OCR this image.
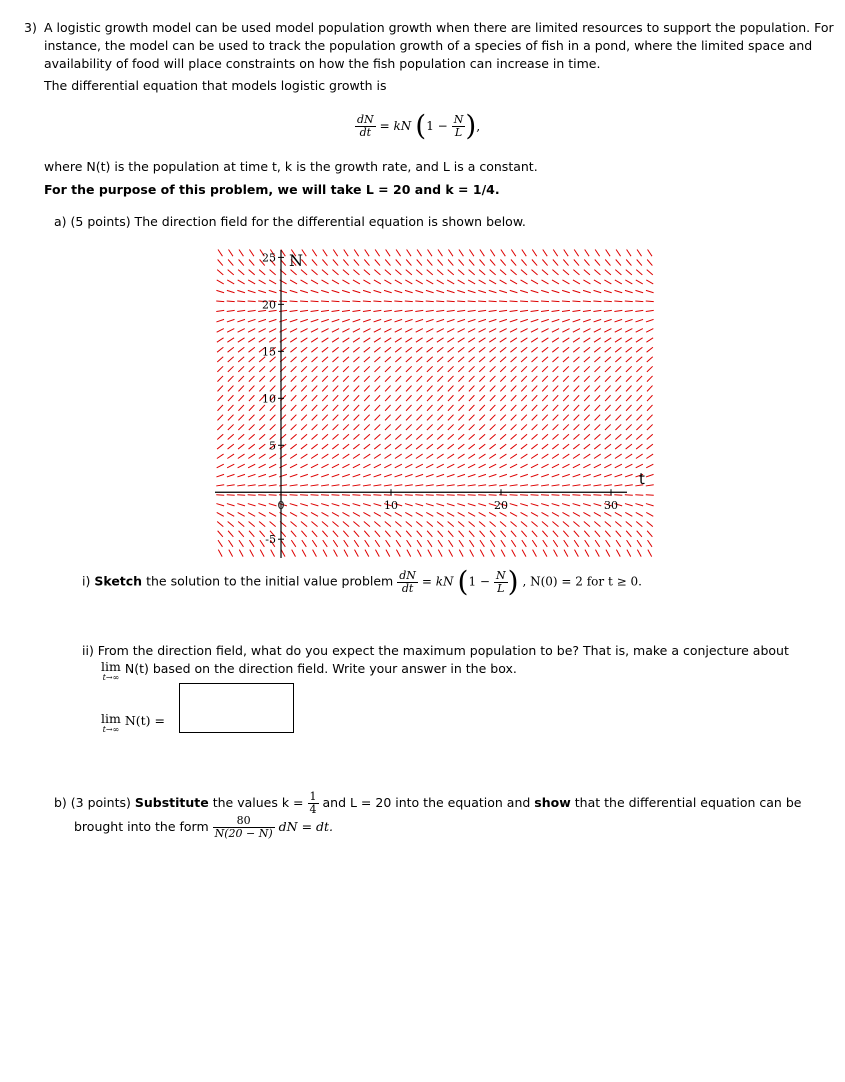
3) A logistic growth model can be used model population growth when there are limited resources to support the population. For
instance, the model can be used to track the population growth of a species of fish in a pond, where the limited space and
availability of food will place constraints on how the fish population can increase in time.
The differential equation that models logistic growth is
$\frac{dN}{dt}$ = kN ($1 - \frac{N}{L}$ ),
where N(t) is the population at time t, k is the growth rate, and L is a constant.
For the purpose of this problem, we will take L = 20 and k = 1/4.
a) (5 points) The direction field for the differential equation is shown below.
t
N
0	10	20	30
-5
5
10
15
20
25
i) Sketch the solution to the initial value problem $\frac{dN}{dt}$ = kN ($1 - \frac{N}{L}$ ) , N(0) = 2 for t ≥ 0.
ii) From the direction field, what do you expect the maximum population to be? That is, make a conjecture about
lim
t→∞
N(t) based on the direction field. Write your answer in the box.
lim
t→∞
N(t) =
b) (3 points) Substitute the values $k = \frac{1}{4}$ and L = 20 into the equation and show that the differential equation can be
brought into the form $\frac{80}{N(20 - N)}$ dN = dt.
